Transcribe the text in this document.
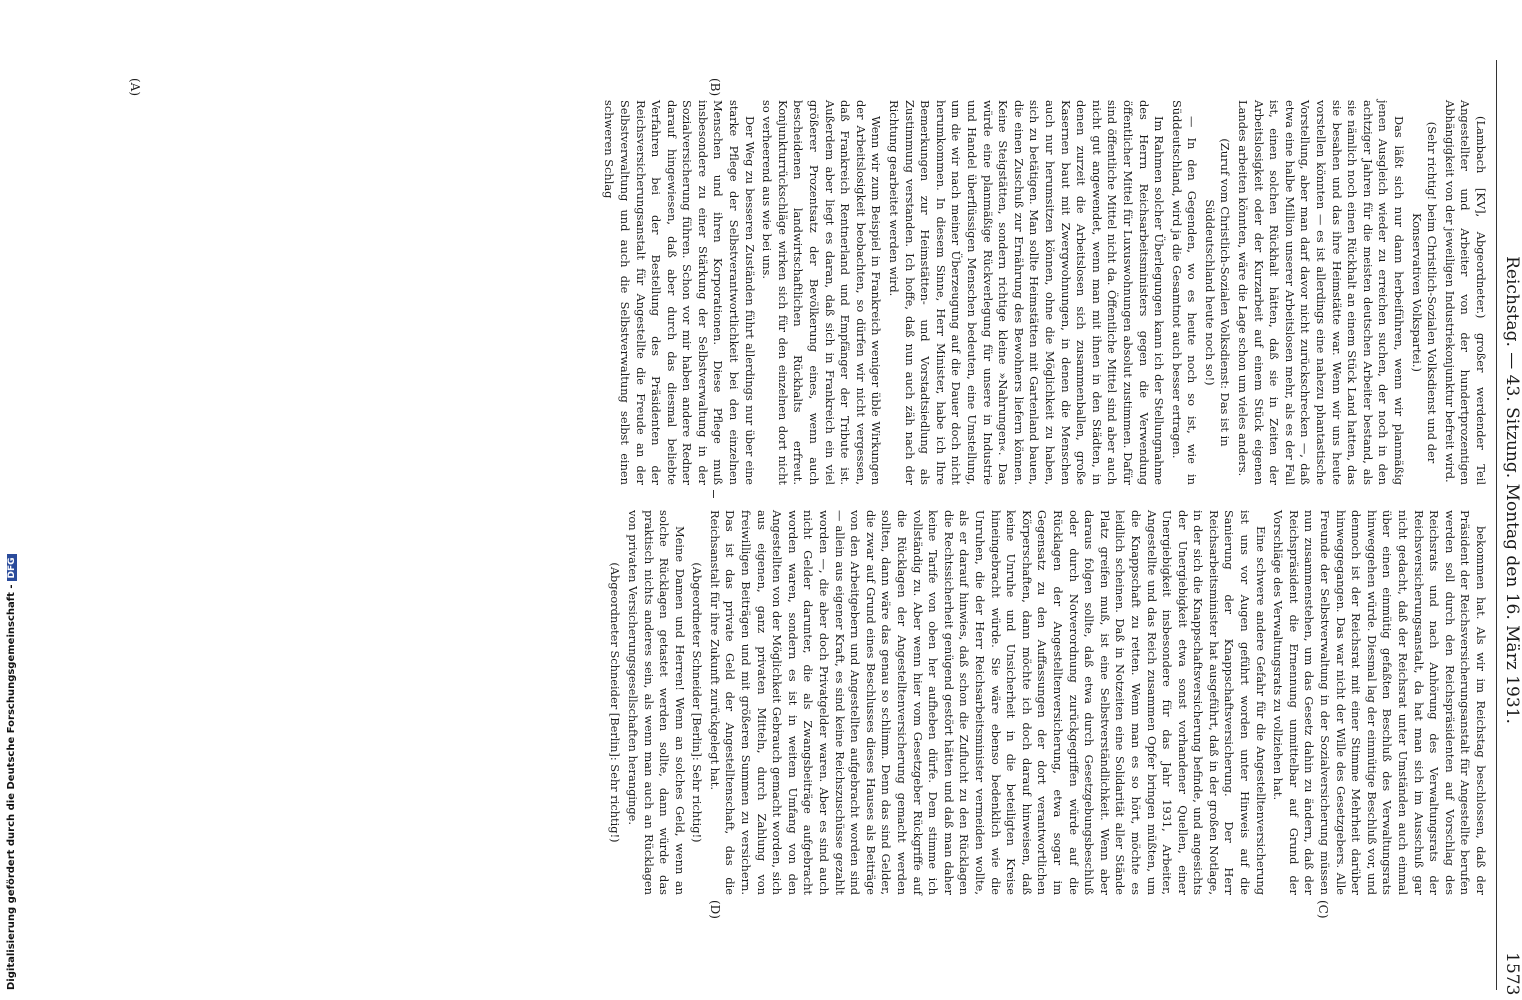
Reichstag. — 43. Sitzung. Montag den 16. März 1931. 1573

(Lambach [KV], Abgeordneter.) großer werdender Teil Angestellter und Arbeiter von der hundertprozentigen Abhängigkeit von der jeweiligen Industriekonjunktur befreit wird.

(Sehr richtig! beim Christlich-Sozialen Volksdienst und der Konservativen Volkspartei.)

Das läßt sich nur dann herbeiführen, wenn wir planmäßig jenen Ausgleich wieder zu erreichen suchen, der noch in den achtziger Jahren für die meisten deutschen Arbeiter bestand, als sie nämlich noch einen Rückhalt an einem Stück Land hatten, das sie besahen und das ihre Heimstätte war. Wenn wir uns heute vorstellen könnten — es ist allerdings eine nahezu phantastische Vorstellung, aber man darf davor nicht zurückschrecken —, daß etwa eine halbe Million unserer Arbeitslosen mehr, als es der Fall ist, einen solchen Rückhalt hätten, daß sie in Zeiten der Arbeitslosigkeit oder der Kurzarbeit auf einem Stück eigenen Landes arbeiten könnten, wäre die Lage schon um vieles anders.

(Zuruf vom Christlich-Sozialen Volksdienst: Das ist in Süddeutschland heute noch so!)

— In den Gegenden, wo es heute noch so ist, wie in Süddeutschland, wird ja die Gesamtnot auch besser ertragen.

Im Rahmen solcher Überlegungen kann ich der Stellungnahme des Herrn Reichsarbeitsministers gegen die Verwendung öffentlicher Mittel für Luxuswohnungen absolut zustimmen. Dafür sind öffentliche Mittel nicht da. Öffentliche Mittel sind aber auch nicht gut angewendet, wenn man mit ihnen in den Städten, in denen zurzeit die Arbeitslosen sich zusammenballen, große Kasernen baut mit Zwergwohnungen, in denen die Menschen auch nur herumsitzen können, ohne die Möglichkeit zu haben, sich zu betätigen. Man sollte Heimstätten mit Gartenland bauen, die einen Zuschuß zur Ernährung des Bewohners liefern können. Keine Steigstätten, sondern richtige kleine »Nahrungen«. Das würde eine planmäßige Rückverlegung für unsere in Industrie und Handel überflüssigen Menschen bedeuten, eine Umstellung, um die wir nach meiner Überzeugung auf die Dauer doch nicht herumkommen. In diesem Sinne, Herr Minister, habe ich Ihre Bemerkungen zur Heimstätten- und Vorstadtsiedlung als Zustimmung verstanden. Ich hoffe, daß nun auch zäh nach der Richtung gearbeitet werden wird.

Wenn wir zum Beispiel in Frankreich weniger üble Wirkungen der Arbeitslosigkeit beobachten, so dürfen wir nicht vergessen, daß Frankreich Rentnerland und Empfänger der Tribute ist. Außerdem aber liegt es daran, daß sich in Frankreich ein viel größerer Prozentsatz der Bevölkerung eines, wenn auch bescheidenen landwirtschaftlichen Rückhalts erfreut. Konjunkturrückschläge wirken sich für den einzelnen dort nicht so verheerend aus wie bei uns.

Der Weg zu besseren Zuständen führt allerdings nur über eine starke Pflege der Selbstverantwortlichkeit bei den einzelnen Menschen und ihren Korporationen. Diese Pflege muß insbesondere zu einer Stärkung der Selbstverwaltung in der Sozialversicherung führen. Schon vor mir haben andere Redner darauf hingewiesen, daß aber durch das diesmal beliebte Verfahren bei der Bestellung des Präsidenten der Reichsversicherungsanstalt für Angestellte die Freude an der Selbstverwaltung und auch die Selbstverwaltung selbst einen schweren Schlag

bekommen hat. Als wir im Reichstag beschlossen, daß der Präsident der Reichsversicherungsanstalt für Angestellte berufen werden soll durch den Reichspräsidenten auf Vorschlag des Reichsrats und nach Anhörung des Verwaltungsrats der Reichsversicherungsanstalt, da hat man sich im Ausschuß gar nicht gedacht, daß der Reichsrat unter Umständen auch einmal über einen einmütig gefaßten Beschluß des Verwaltungsrats hinweggehen würde. Diesmal lag der einmütige Beschluß vor, und dennoch ist der Reichsrat mit einer Stimme Mehrheit darüber hinweggegangen. Das war nicht der Wille des Gesetzgebers. Alle Freunde der Selbstverwaltung in der Sozialversicherung müssen nun zusammenstehen, um das Gesetz dahin zu ändern, daß der Reichspräsident die Ernennung unmittelbar auf Grund der Vorschläge des Verwaltungsrats zu vollziehen hat.

Eine schwere andere Gefahr für die Angestelltenversicherung ist uns vor Augen geführt worden unter Hinweis auf die Sanierung der Knappschaftsversicherung. Der Herr Reichsarbeitsminister hat ausgeführt, daß in der großen Notlage, in der sich die Knappschaftsversicherung befinde, und angesichts der Unergiebigkeit etwa sonst vorhandener Quellen, einer Unergiebigkeit insbesondere für das Jahr 1931, Arbeiter, Angestellte und das Reich zusammen Opfer bringen müßten, um die Knappschaft zu retten. Wenn man es so hört, möchte es leidlich scheinen. Daß in Notzeiten eine Solidarität aller Stände Platz greifen muß, ist eine Selbstverständlichkeit. Wenn aber daraus folgen sollte, daß etwa durch Gesetzgebungsbeschluß oder durch Notverordnung zurückgegriffen würde auf die Rücklagen der Angestelltenversicherung, etwa sogar im Gegensatz zu den Auffassungen der dort verantwortlichen Körperschaften, dann möchte ich doch darauf hinweisen, daß keine Unruhe und Unsicherheit in die beteiligten Kreise hineingebracht würde. Sie wäre ebenso bedenklich wie die Unruhen, die der Herr Reichsarbeitsminister vermeiden wollte, als er darauf hinwies, daß schon die Zuflucht zu den Rücklagen die Rechtssicherheit genügend gestört hätten und daß man daher keine Tarife von oben her aufheben dürfe. Dem stimme ich vollständig zu. Aber wenn hier vom Gesetzgeber Rückgriffe auf die Rücklagen der Angestelltenversicherung gemacht werden sollten, dann wäre das genau so schlimm. Denn das sind Gelder, die zwar auf Grund eines Beschlusses dieses Hauses als Beiträge von den Arbeitgebern und Angestellten aufgebracht worden sind — allein aus eigener Kraft, es sind keine Reichszuschüsse gezahlt worden —, die aber doch Privatgelder waren. Aber es sind auch nicht Gelder darunter, die als Zwangsbeiträge aufgebracht worden waren, sondern es ist in weitem Umfang von den Angestellten von der Möglichkeit Gebrauch gemacht worden, sich aus eigenen, ganz privaten Mitteln, durch Zahlung von freiwilligen Beiträgen und mit größeren Summen zu versichern. Das ist das private Geld der Angestelltenschaft, das die Reichsanstalt für ihre Zukunft zurückgelegt hat.

(Abgeordneter Schneider [Berlin]: Sehr richtig!)

Meine Damen und Herren! Wenn an solches Geld, wenn an solche Rücklagen getastet werden sollte, dann würde das praktisch nichts anderes sein, als wenn man auch an Rücklagen von privaten Versicherungsgesellschaften heranginge.

(Abgeordneter Schneider [Berlin]: Sehr richtig!)

(A)	(B)
(C)
(D)
Digitalisierung gefördert durch die Deutsche Forschungsgemeinschaft -DFG
